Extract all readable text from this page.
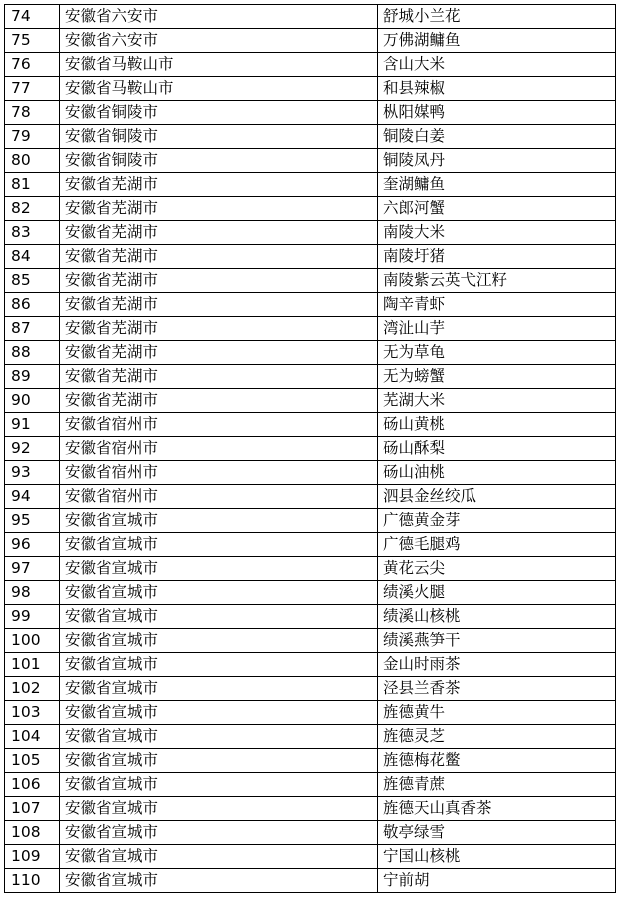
74	安徽省六安市	舒城小兰花
75	安徽省六安市	万佛湖鳙鱼
76	安徽省马鞍山市	含山大米
77	安徽省马鞍山市	和县辣椒
78	安徽省铜陵市	枞阳媒鸭
79	安徽省铜陵市	铜陵白姜
80	安徽省铜陵市	铜陵凤丹
81	安徽省芜湖市	奎湖鳙鱼
82	安徽省芜湖市	六郎河蟹
83	安徽省芜湖市	南陵大米
84	安徽省芜湖市	南陵圩猪
85	安徽省芜湖市	南陵紫云英弋江籽
86	安徽省芜湖市	陶辛青虾
87	安徽省芜湖市	湾沚山芋
88	安徽省芜湖市	无为草龟
89	安徽省芜湖市	无为螃蟹
90	安徽省芜湖市	芜湖大米
91	安徽省宿州市	砀山黄桃
92	安徽省宿州市	砀山酥梨
93	安徽省宿州市	砀山油桃
94	安徽省宿州市	泗县金丝绞瓜
95	安徽省宣城市	广德黄金芽
96	安徽省宣城市	广德毛腿鸡
97	安徽省宣城市	黄花云尖
98	安徽省宣城市	绩溪火腿
99	安徽省宣城市	绩溪山核桃
100	安徽省宣城市	绩溪燕笋干
101	安徽省宣城市	金山时雨茶
102	安徽省宣城市	泾县兰香茶
103	安徽省宣城市	旌德黄牛
104	安徽省宣城市	旌德灵芝
105	安徽省宣城市	旌德梅花鳖
106	安徽省宣城市	旌德青蔗
107	安徽省宣城市	旌德天山真香茶
108	安徽省宣城市	敬亭绿雪
109	安徽省宣城市	宁国山核桃
110	安徽省宣城市	宁前胡
